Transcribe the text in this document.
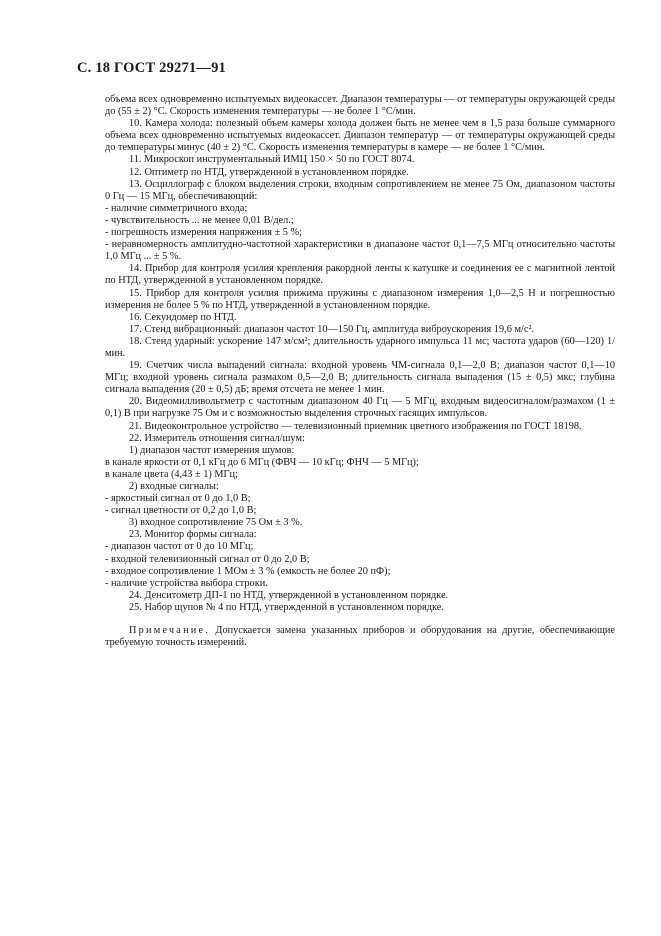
С. 18 ГОСТ 29271—91

объема всех одновременно испытуемых видеокассет. Диапазон температуры — от температуры окружающей среды до (55 ± 2) °С. Скорость изменения температуры — не более 1 °С/мин.

10. Камера холода: полезный объем камеры холода должен быть не менее чем в 1,5 раза больше суммарного объема всех одновременно испытуемых видеокассет. Диапазон температур — от температуры окружающей среды до температуры минус (40 ± 2) °С. Скорость изменения температуры в камере — не более 1 °С/мин.

11. Микроскоп инструментальный ИМЦ 150 × 50 по ГОСТ 8074.

12. Оптиметр по НТД, утвержденной в установленном порядке.

13. Осциллограф с блоком выделения строки, входным сопротивлением не менее 75 Ом, диапазоном частоты 0 Гц — 15 МГц, обеспечивающий:

- наличие симметричного входа;

- чувствительность ... не менее 0,01 В/дел.;

- погрешность измерения напряжения ± 5 %;

- неравномерность амплитудно-частотной характеристики в диапазоне частот 0,1—7,5 МГц относительно частоты 1,0 МГц ... ± 5 %.

14. Прибор для контроля усилия крепления ракордной ленты к катушке и соединения ее с магнитной лентой по НТД, утвержденной в установленном порядке.

15. Прибор для контроля усилия прижима пружины с диапазоном измерения 1,0—2,5 Н и погрешностью измерения не более 5 % по НТД, утвержденной в установленном порядке.

16. Секундомер по НТД.

17. Стенд вибрационный: диапазон частот 10—150 Гц, амплитуда виброускорения 19,6 м/с².

18. Стенд ударный: ускорение 147 м/см²; длительность ударного импульса 11 мс; частота ударов (60—120) 1/мин.

19. Счетчик числа выпадений сигнала: входной уровень ЧМ-сигнала 0,1—2,0 В; диапазон частот 0,1—10 МГц; входной уровень сигнала размахом 0,5—2,0 В; длительность сигнала выпадения (15 ± 0,5) мкс; глубина сигнала выпадения (20 ± 0,5) дБ; время отсчета не менее 1 мин.

20. Видеомилливольтметр с частотным диапазоном 40 Гц — 5 МГц, входным видеосигналом/размахом (1 ± 0,1) В при нагрузке 75 Ом и с возможностью выделения строчных гасящих импульсов.

21. Видеоконтрольное устройство — телевизионный приемник цветного изображения по ГОСТ 18198.

22. Измеритель отношения сигнал/шум:

1) диапазон частот измерения шумов:

в канале яркости от 0,1 кГц до 6 МГц (ФВЧ — 10 кГц; ФНЧ — 5 МГц);

в канале цвета (4,43 ± 1) МГц;

2) входные сигналы:

- яркостный сигнал от 0 до 1,0 В;

- сигнал цветности от 0,2 до 1,0 В;

3) входное сопротивление 75 Ом ± 3 %.

23. Монитор формы сигнала:

- диапазон частот от 0 до 10 МГц;

- входной телевизионный сигнал от 0 до 2,0 В;

- входное сопротивление 1 МОм ± 3 % (емкость не более 20 пФ);

- наличие устройства выбора строки.

24. Денситометр ДП-1 по НТД, утвержденной в установленном порядке.

25. Набор щупов № 4 по НТД, утвержденной в установленном порядке.

Примечание. Допускается замена указанных приборов и оборудования на другие, обеспечивающие требуемую точность измерений.
